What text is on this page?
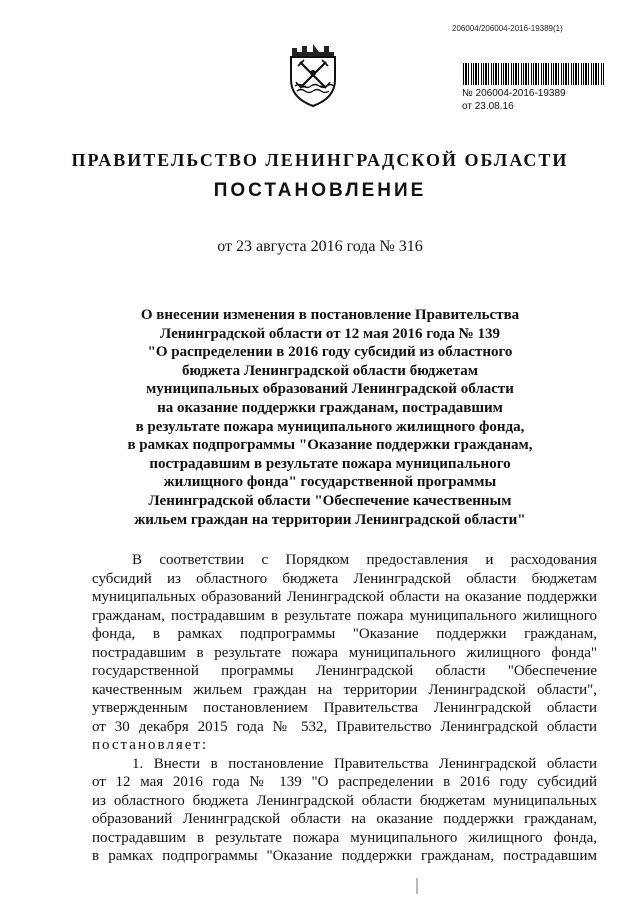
206004/206004-2016-19389(1)
№ 206004-2016-19389
от 23.08.16
ПРАВИТЕЛЬСТВО ЛЕНИНГРАДСКОЙ ОБЛАСТИ
ПОСТАНОВЛЕНИЕ
от 23 августа 2016 года № 316
О внесении изменения в постановление Правительства
Ленинградской области от 12 мая 2016 года № 139
"О распределении в 2016 году субсидий из областного
бюджета Ленинградской области бюджетам
муниципальных образований Ленинградской области
на оказание поддержки гражданам, пострадавшим
в результате пожара муниципального жилищного фонда,
в рамках подпрограммы "Оказание поддержки гражданам,
пострадавшим в результате пожара муниципального
жилищного фонда" государственной программы
Ленинградской области "Обеспечение качественным
жильем граждан на территории Ленинградской области"
В соответствии с Порядком предоставления и расходования
субсидий из областного бюджета Ленинградской области бюджетам
муниципальных образований Ленинградской области на оказание поддержки
гражданам, пострадавшим в результате пожара муниципального жилищного
фонда, в рамках подпрограммы "Оказание поддержки гражданам,
пострадавшим в результате пожара муниципального жилищного фонда"
государственной программы Ленинградской области "Обеспечение
качественным жильем граждан на территории Ленинградской области",
утвержденным постановлением Правительства Ленинградской области
от 30 декабря 2015 года № 532, Правительство Ленинградской области
постановляет:
1. Внести в постановление Правительства Ленинградской области
от 12 мая 2016 года № 139 "О распределении в 2016 году субсидий
из областного бюджета Ленинградской области бюджетам муниципальных
образований Ленинградской области на оказание поддержки гражданам,
пострадавшим в результате пожара муниципального жилищного фонда,
в рамках подпрограммы "Оказание поддержки гражданам, пострадавшим
